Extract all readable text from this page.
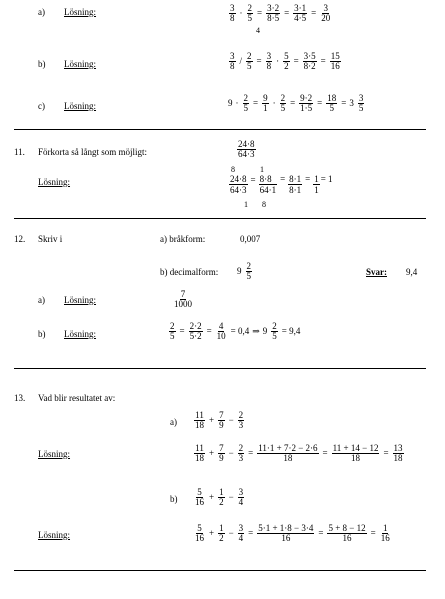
a) Lösning:	$\frac{3}{8} \cdot \frac{2}{5} = \frac{3\cdot 2}{8\cdot 5} = \frac{3\cdot 1}{4\cdot 5} = \frac{3}{20}$
4
b) Lösning:	$\frac{3}{8} / \frac{2}{5} = \frac{3}{8} \cdot \frac{5}{2} = \frac{3\cdot 5}{8\cdot 2} = \frac{15}{16}$
c) Lösning:	$9 \cdot \frac{2}{5} = \frac{9}{1} \cdot \frac{2}{5} = \frac{9\cdot 2}{1\cdot 5} = \frac{18}{5} = 3 \frac{3}{5}$
11. Förkorta så långt som möjligt:	$\frac{24\cdot 8}{64\cdot 3}$
Lösning:
8	1
24·8	=	8·8	=	8·1	=	1	= 1
64·3		64·1		8·1		1	
1 8
12. Skriv i	a) bråkform:	0,007
b) decimalform: $9 \frac{2}{5}$	Svar: 9,4
a) Lösning:	$\frac{7}{1000}$
b) Lösning:	$\frac{2}{5} = \frac{2\cdot 2}{5\cdot 2} = \frac{4}{10} = 0,4$ ⇒ $9 \frac{2}{5} = 9,4$
13. Vad blir resultatet av:
$a) \frac{11}{18} + \frac{7}{9} - \frac{2}{3}$
Lösning:	$\frac{11}{18} + \frac{7}{9} - \frac{2}{3} = \frac{11\cdot 1 + 7\cdot 2 - 2\cdot 6}{18} = \frac{11 + 14 - 12}{18} = \frac{13}{18}$
$b) \frac{5}{16} + \frac{1}{2} - \frac{3}{4}$
Lösning:	$\frac{5}{16} + \frac{1}{2} - \frac{3}{4} = \frac{5\cdot 1 + 1\cdot 8 - 3\cdot 4}{16} = \frac{5 + 8 - 12}{16} = \frac{1}{16}$
